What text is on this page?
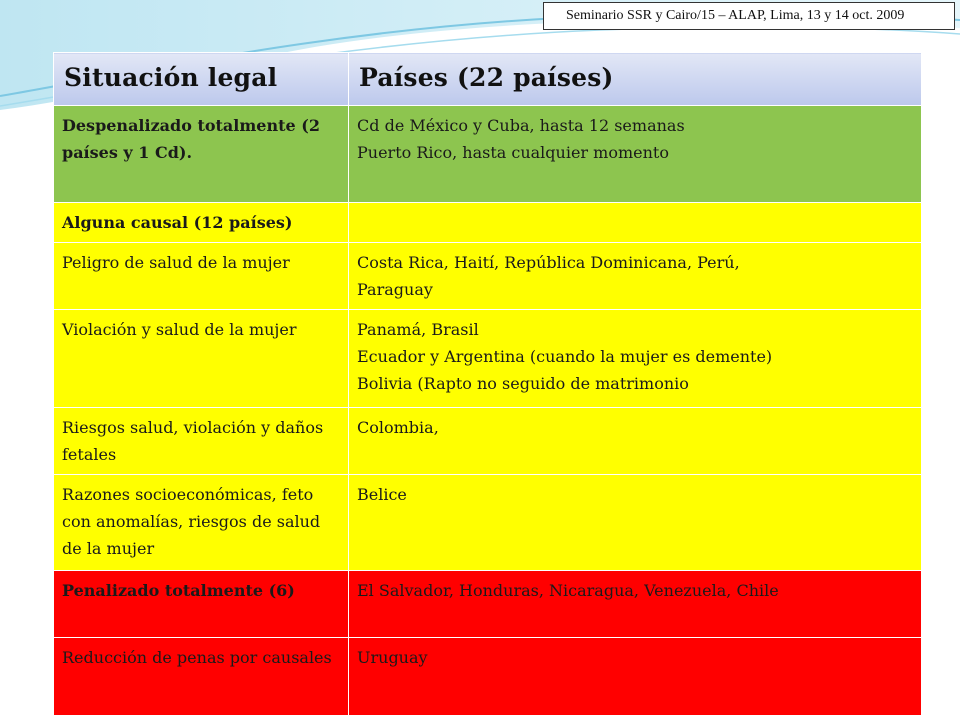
Seminario SSR y Cairo/15 – ALAP, Lima, 13 y 14 oct. 2009
Situación legal	Países (22 países)
Despenalizado totalmente (2 países y 1 Cd).	Cd de México y Cuba, hasta 12 semanas
Puerto Rico, hasta cualquier momento

Alguna causal (12 países)	
Peligro de salud de la mujer	Costa Rica, Haití, República Dominicana, Perú,
Paraguay

Violación y salud de la mujer	Panamá, Brasil
Ecuador y Argentina (cuando la mujer es demente)
Bolivia (Rapto no seguido de matrimonio

Riesgos salud, violación y daños fetales	Colombia,

Razones socioeconómicas, feto con anomalías, riesgos de salud de la mujer	Belice

Penalizado totalmente (6)	El Salvador, Honduras, Nicaragua, Venezuela, Chile

Reducción de penas por causales	Uruguay
